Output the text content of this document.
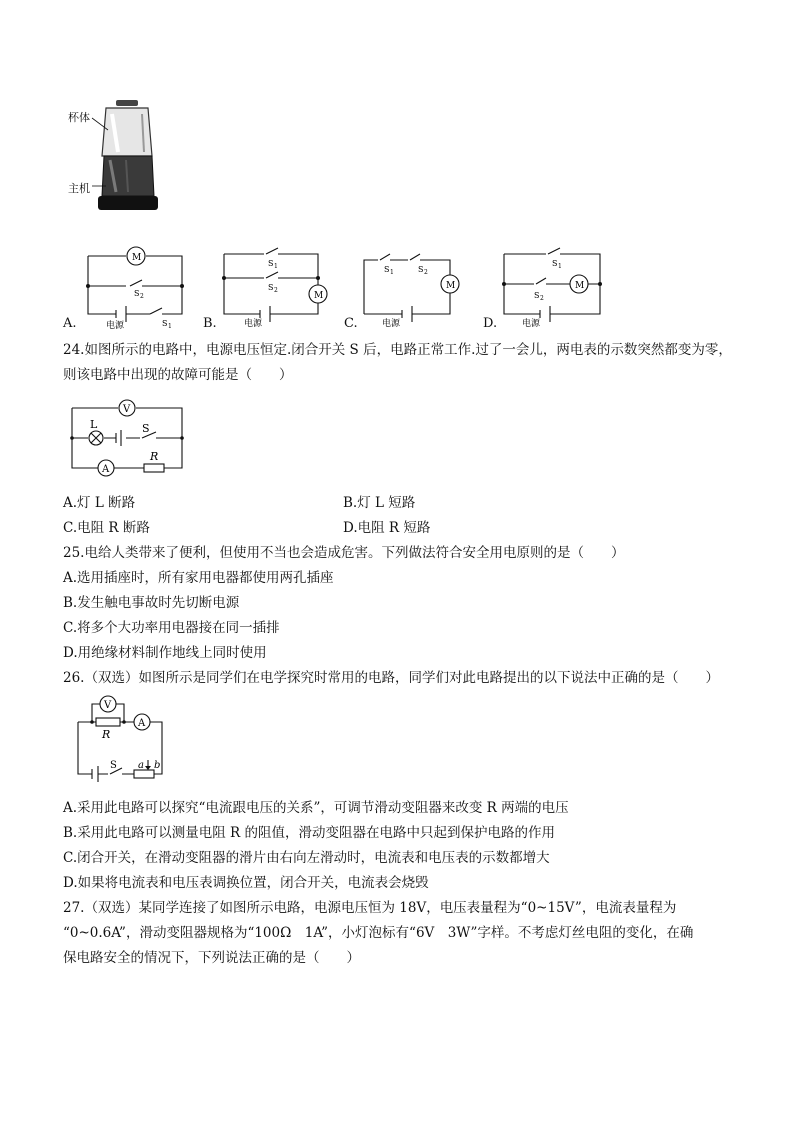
杯体
主机
A.
M
S 2
S 1
电源	B.
S 1
S 2
M
电源	C.
S 1	S 2
M
电源	D.
S 1
S 2
M
电源
24.如图所示的电路中，电源电压恒定.闭合开关 S 后，电路正常工作.过了一会儿，两电表的示数突然都变为零，
则该电路中出现的故障可能是（　　）
V
L	S
A
R
A.灯 L 断路	B.灯 L 短路
C.电阻 R 断路	D.电阻 R 短路
25.电给人类带来了便利，但使用不当也会造成危害。下列做法符合安全用电原则的是（　　）
A.选用插座时，所有家用电器都使用两孔插座
B.发生触电事故时先切断电源
C.将多个大功率用电器接在同一插排
D.用绝缘材料制作地线上同时使用
26.（双选）如图所示是同学们在电学探究时常用的电路，同学们对此电路提出的以下说法中正确的是（　　）
V
A
R
S a b
A.采用此电路可以探究“电流跟电压的关系”，可调节滑动变阻器来改变 R 两端的电压
B.采用此电路可以测量电阻 R 的阻值，滑动变阻器在电路中只起到保护电路的作用
C.闭合开关，在滑动变阻器的滑片由右向左滑动时，电流表和电压表的示数都增大
D.如果将电流表和电压表调换位置，闭合开关，电流表会烧毁
27.（双选）某同学连接了如图所示电路，电源电压恒为 18V，电压表量程为“0~15V”，电流表量程为
“0~0.6A”，滑动变阻器规格为“100Ω　1A”，小灯泡标有“6V　3W”字样。不考虑灯丝电阻的变化，在确
保电路安全的情况下，下列说法正确的是（　　）
